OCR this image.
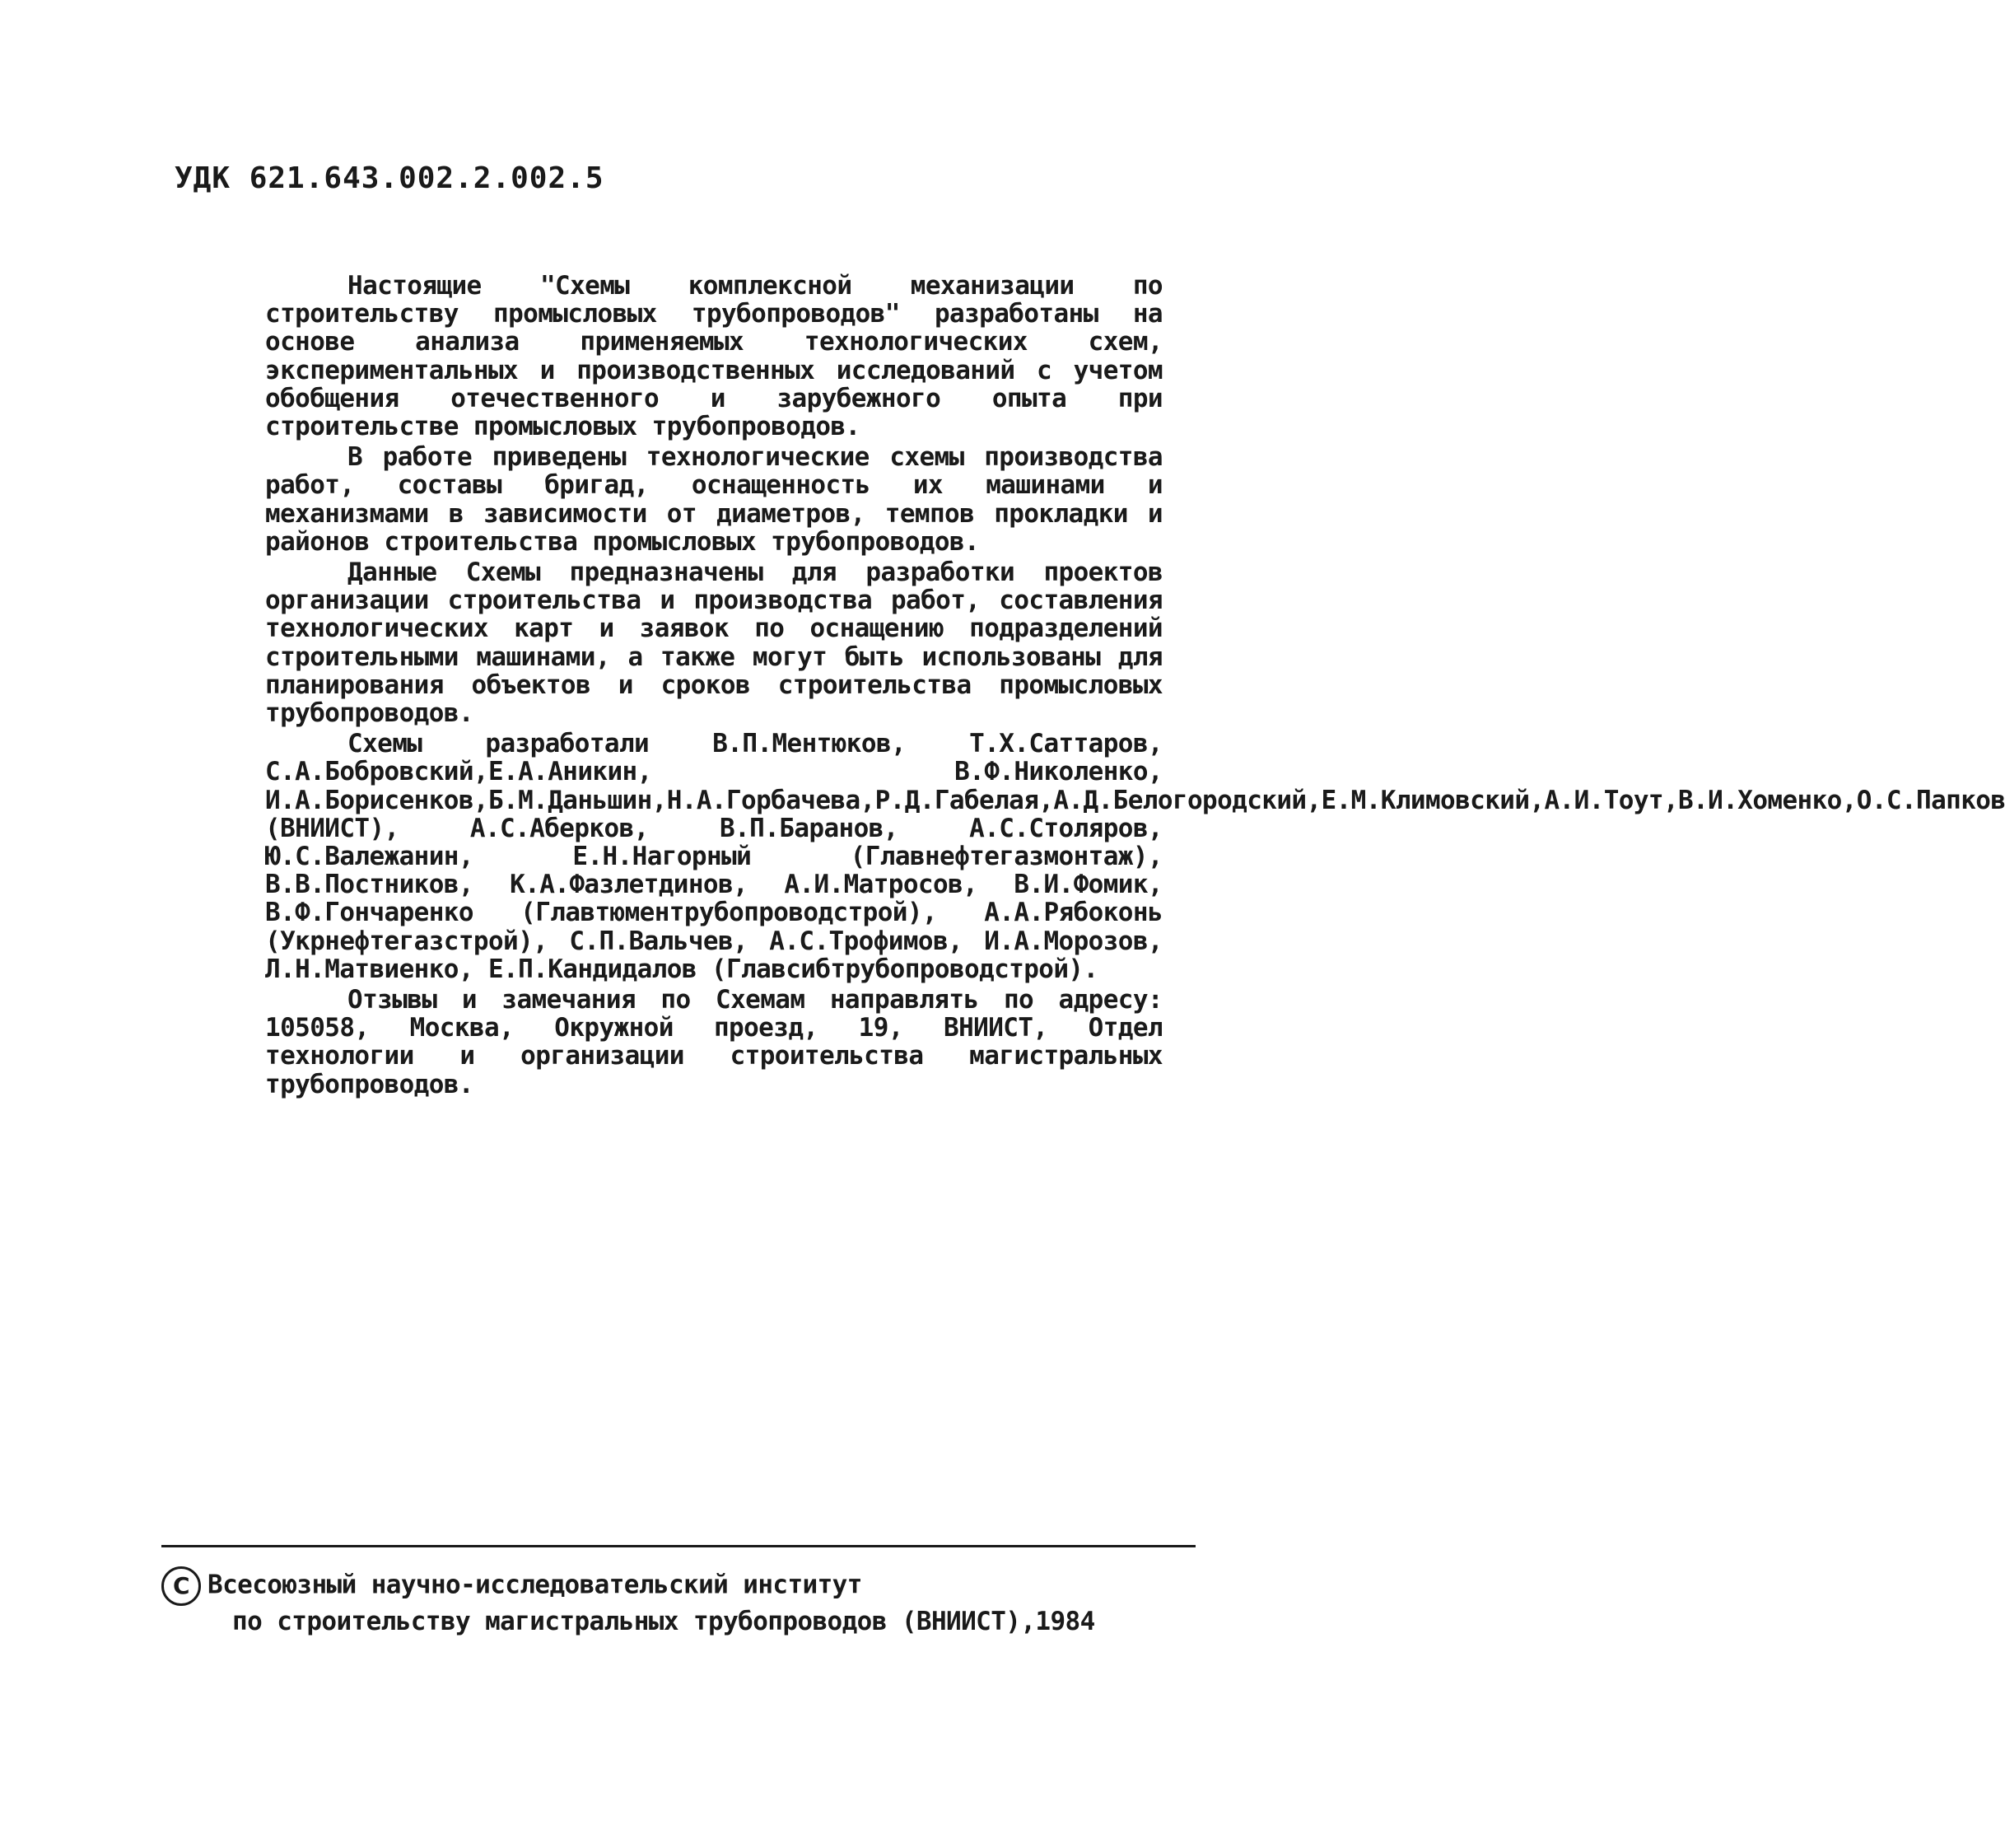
УДК 621.643.002.2.002.5

Настоящие "Схемы комплексной механизации по строительству промысловых трубопроводов" разработаны на основе анализа применяемых технологических схем, экспериментальных и производственных исследований с учетом обобщения отечественного и зарубежного опыта при строительстве промысловых трубопроводов.

В работе приведены технологические схемы производства работ, составы бригад, оснащенность их машинами и механизмами в зависимости от диаметров, темпов прокладки и районов строительства промысловых трубопроводов.

Данные Схемы предназначены для разработки проектов организации строительства и производства работ, составления технологических карт и заявок по оснащению подразделений строительными машинами, а также могут быть использованы для планирования объектов и сроков строительства промысловых трубопроводов.

Схемы разработали В.П.Ментюков, Т.Х.Саттаров, С.А.Бобровский,Е.А.Аникин, В.Ф.Николенко, И.А.Борисенков,Б.М.Даньшин,Н.А.Горбачева,Р.Д.Габелая,А.Д.Белогородский,Е.М.Климовский,А.И.Тоут,В.И.Хоменко,О.С.Папков (ВНИИСТ), А.С.Аберков, В.П.Баранов, А.С.Столяров, Ю.С.Валежанин, Е.Н.Нагорный (Главнефтегазмонтаж), В.В.Постников, К.А.Фазлетдинов, А.И.Матросов, В.И.Фомик, В.Ф.Гончаренко (Главтюментрубопроводстрой), А.А.Рябоконь (Укрнефтегазстрой), С.П.Вальчев, А.С.Трофимов, И.А.Морозов, Л.Н.Матвиенко, Е.П.Кандидалов (Главсибтрубопроводстрой).

Отзывы и замечания по Схемам направлять по адресу: 105058, Москва, Окружной проезд, 19, ВНИИСТ, Отдел технологии и организации строительства магистральных трубопроводов.

C Всесоюзный научно-исследовательский институт
по строительству магистральных трубопроводов (ВНИИСТ),1984
